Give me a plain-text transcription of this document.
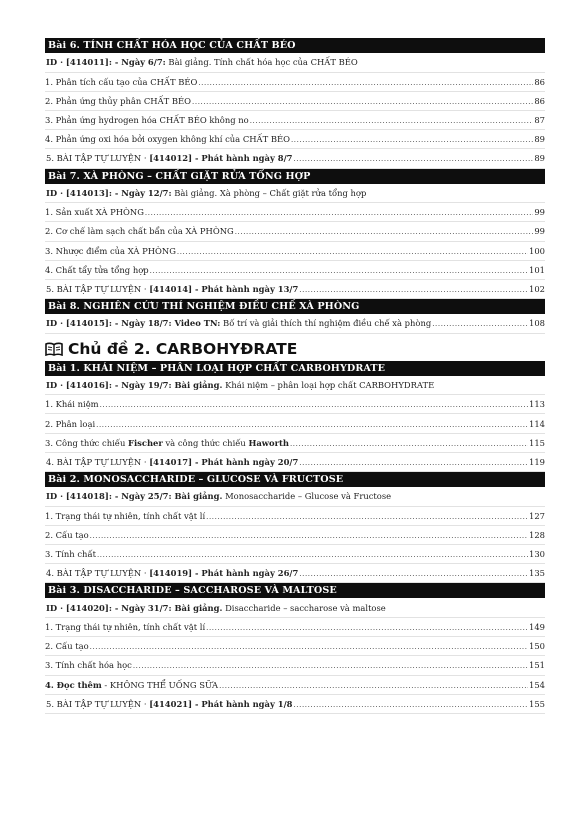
Bài 6. TÍNH CHẤT HÓA HỌC CỦA CHẤT BÉO
ID · [414011]: - Ngày 6/7: Bài giảng. Tính chất hóa học của CHẤT BÉO
1. Phân tích cấu tạo của CHẤT BÉO .....	86
2. Phản ứng thủy phân CHẤT BÉO .....	86
3. Phản ứng hydrogen hóa CHẤT BÉO không no .....	87
4. Phản ứng oxi hóa bởi oxygen không khí của CHẤT BÉO .....	89
5. BÀI TẬP TỰ LUYỆN · [414012] - Phát hành ngày 8/7 .....	89
Bài 7. XÀ PHÒNG – CHẤT GIẶT RỬA TỔNG HỢP
ID · [414013]: - Ngày 12/7: Bài giảng. Xà phòng – Chất giặt rửa tổng hợp
1. Sản xuất XÀ PHÒNG .....	99
2. Cơ chế làm sạch chất bẩn của XÀ PHÒNG .....	99
3. Nhược điểm của XÀ PHÒNG .....	100
4. Chất tẩy tửa tổng hợp .....	101
5. BÀI TẬP TỰ LUYỆN · [414014] - Phát hành ngày 13/7 .....	102
Bài 8. NGHIÊN CỨU THÍ NGHIỆM ĐIỀU CHẾ XÀ PHÒNG
ID · [414015]: - Ngày 18/7: Video TN: Bố trí và giải thích thí nghiệm điều chế xà phòng .....	108
Chủ đề 2. CARBOHYĐRATE
Bài 1. KHÁI NIỆM – PHÂN LOẠI HỢP CHẤT CARBOHYDRATE
ID · [414016]: - Ngày 19/7: Bài giảng. Khái niệm – phân loại hợp chất CARBOHYDRATE
1. Khái niệm .....	113
2. Phân loại .....	114
3. Công thức chiếu Fischer và công thức chiếu Haworth .....	115
4. BÀI TẬP TỰ LUYỆN · [414017] - Phát hành ngày 20/7 .....	119
Bài 2. MONOSACCHARIDE – GLUCOSE VÀ FRUCTOSE
ID · [414018]: - Ngày 25/7: Bài giảng. Monosaccharide – Glucose và Fructose
1. Trạng thái tự nhiên, tính chất vật lí .....	127
2. Cấu tạo .....	128
3. Tính chất .....	130
4. BÀI TẬP TỰ LUYỆN · [414019] - Phát hành ngày 26/7 .....	135
Bài 3. DISACCHARIDE – SACCHAROSE VÀ MALTOSE
ID · [414020]: - Ngày 31/7: Bài giảng. Disaccharide – saccharose và maltose
1. Trạng thái tự nhiên, tính chất vật lí .....	149
2. Cấu tạo .....	150
3. Tính chất hóa học .....	151
4. Đọc thêm - KHÔNG THỂ UỐNG SỮA .....	154
5. BÀI TẬP TỰ LUYỆN · [414021] - Phát hành ngày 1/8 .....	155
